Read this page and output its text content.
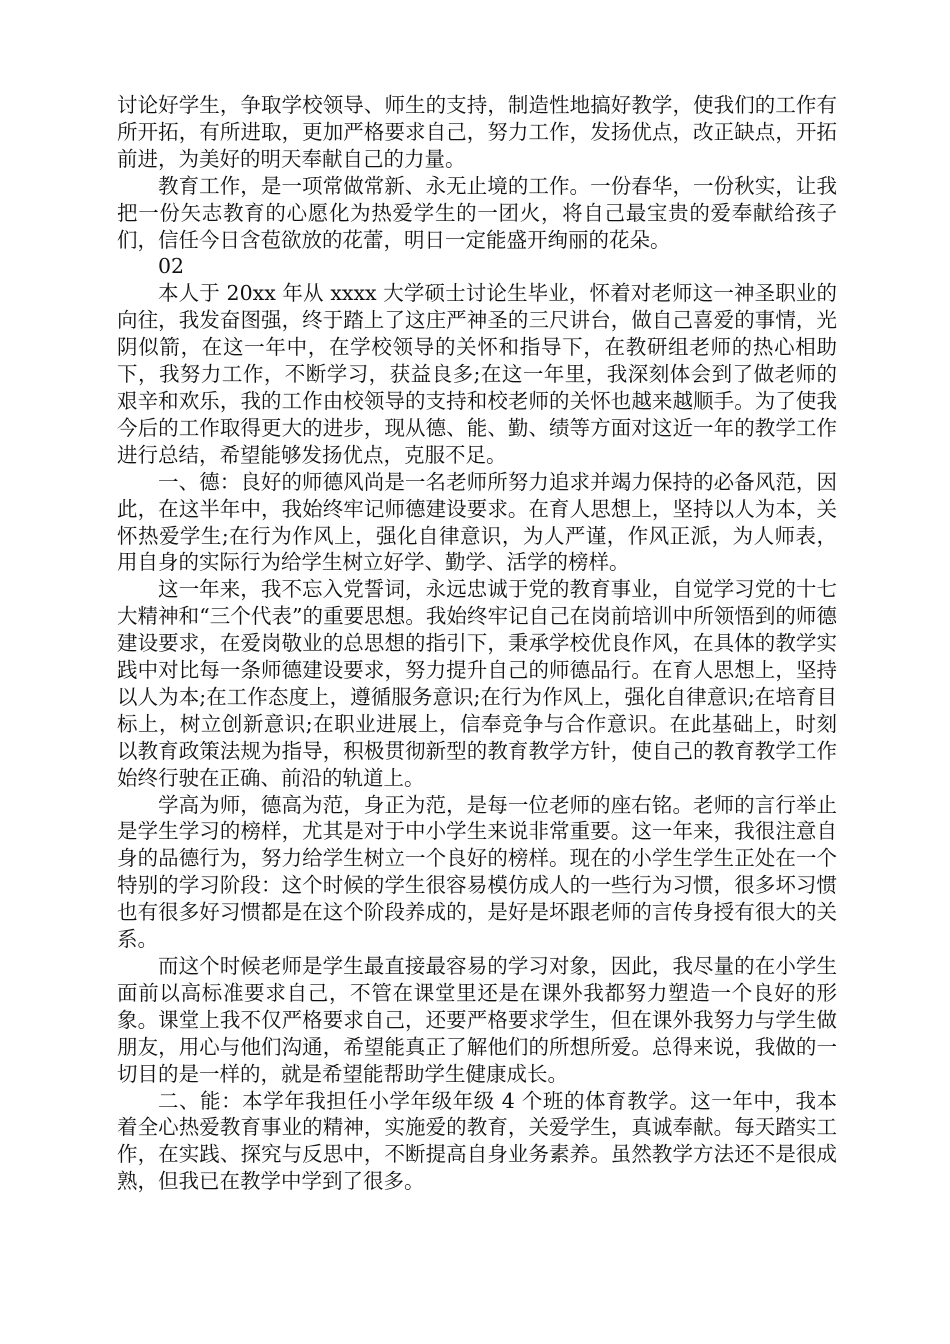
讨论好学生，争取学校领导、师生的支持，制造性地搞好教学，使我们的工作有所开拓，有所进取，更加严格要求自己，努力工作，发扬优点，改正缺点，开拓前进，为美好的明天奉献自己的力量。

教育工作，是一项常做常新、永无止境的工作。一份春华，一份秋实，让我把一份矢志教育的心愿化为热爱学生的一团火，将自己最宝贵的爱奉献给孩子们，信任今日含苞欲放的花蕾，明日一定能盛开绚丽的花朵。

02

本人于 20xx 年从 xxxx 大学硕士讨论生毕业，怀着对老师这一神圣职业的向往，我发奋图强，终于踏上了这庄严神圣的三尺讲台，做自己喜爱的事情，光阴似箭，在这一年中，在学校领导的关怀和指导下，在教研组老师的热心相助下，我努力工作，不断学习，获益良多;在这一年里，我深刻体会到了做老师的艰辛和欢乐，我的工作由校领导的支持和校老师的关怀也越来越顺手。为了使我今后的工作取得更大的进步，现从德、能、勤、绩等方面对这近一年的教学工作进行总结，希望能够发扬优点，克服不足。

一、德：良好的师德风尚是一名老师所努力追求并竭力保持的必备风范，因此，在这半年中，我始终牢记师德建设要求。在育人思想上，坚持以人为本，关怀热爱学生;在行为作风上，强化自律意识，为人严谨，作风正派，为人师表，用自身的实际行为给学生树立好学、勤学、活学的榜样。

这一年来，我不忘入党誓词，永远忠诚于党的教育事业，自觉学习党的十七大精神和“三个代表”的重要思想。我始终牢记自己在岗前培训中所领悟到的师德建设要求，在爱岗敬业的总思想的指引下，秉承学校优良作风，在具体的教学实践中对比每一条师德建设要求，努力提升自己的师德品行。在育人思想上，坚持以人为本;在工作态度上，遵循服务意识;在行为作风上，强化自律意识;在培育目标上，树立创新意识;在职业进展上，信奉竞争与合作意识。在此基础上，时刻以教育政策法规为指导，积极贯彻新型的教育教学方针，使自己的教育教学工作始终行驶在正确、前沿的轨道上。

学高为师，德高为范，身正为范，是每一位老师的座右铭。老师的言行举止是学生学习的榜样，尤其是对于中小学生来说非常重要。这一年来，我很注意自身的品德行为，努力给学生树立一个良好的榜样。现在的小学生学生正处在一个特别的学习阶段：这个时候的学生很容易模仿成人的一些行为习惯，很多坏习惯也有很多好习惯都是在这个阶段养成的，是好是坏跟老师的言传身授有很大的关系。

而这个时候老师是学生最直接最容易的学习对象，因此，我尽量的在小学生面前以高标准要求自己，不管在课堂里还是在课外我都努力塑造一个良好的形象。课堂上我不仅严格要求自己，还要严格要求学生，但在课外我努力与学生做朋友，用心与他们沟通，希望能真正了解他们的所想所爱。总得来说，我做的一切目的是一样的，就是希望能帮助学生健康成长。

二、能：本学年我担任小学年级年级 4 个班的体育教学。这一年中，我本着全心热爱教育事业的精神，实施爱的教育，关爱学生，真诚奉献。每天踏实工作，在实践、探究与反思中，不断提高自身业务素养。虽然教学方法还不是很成熟，但我已在教学中学到了很多。
